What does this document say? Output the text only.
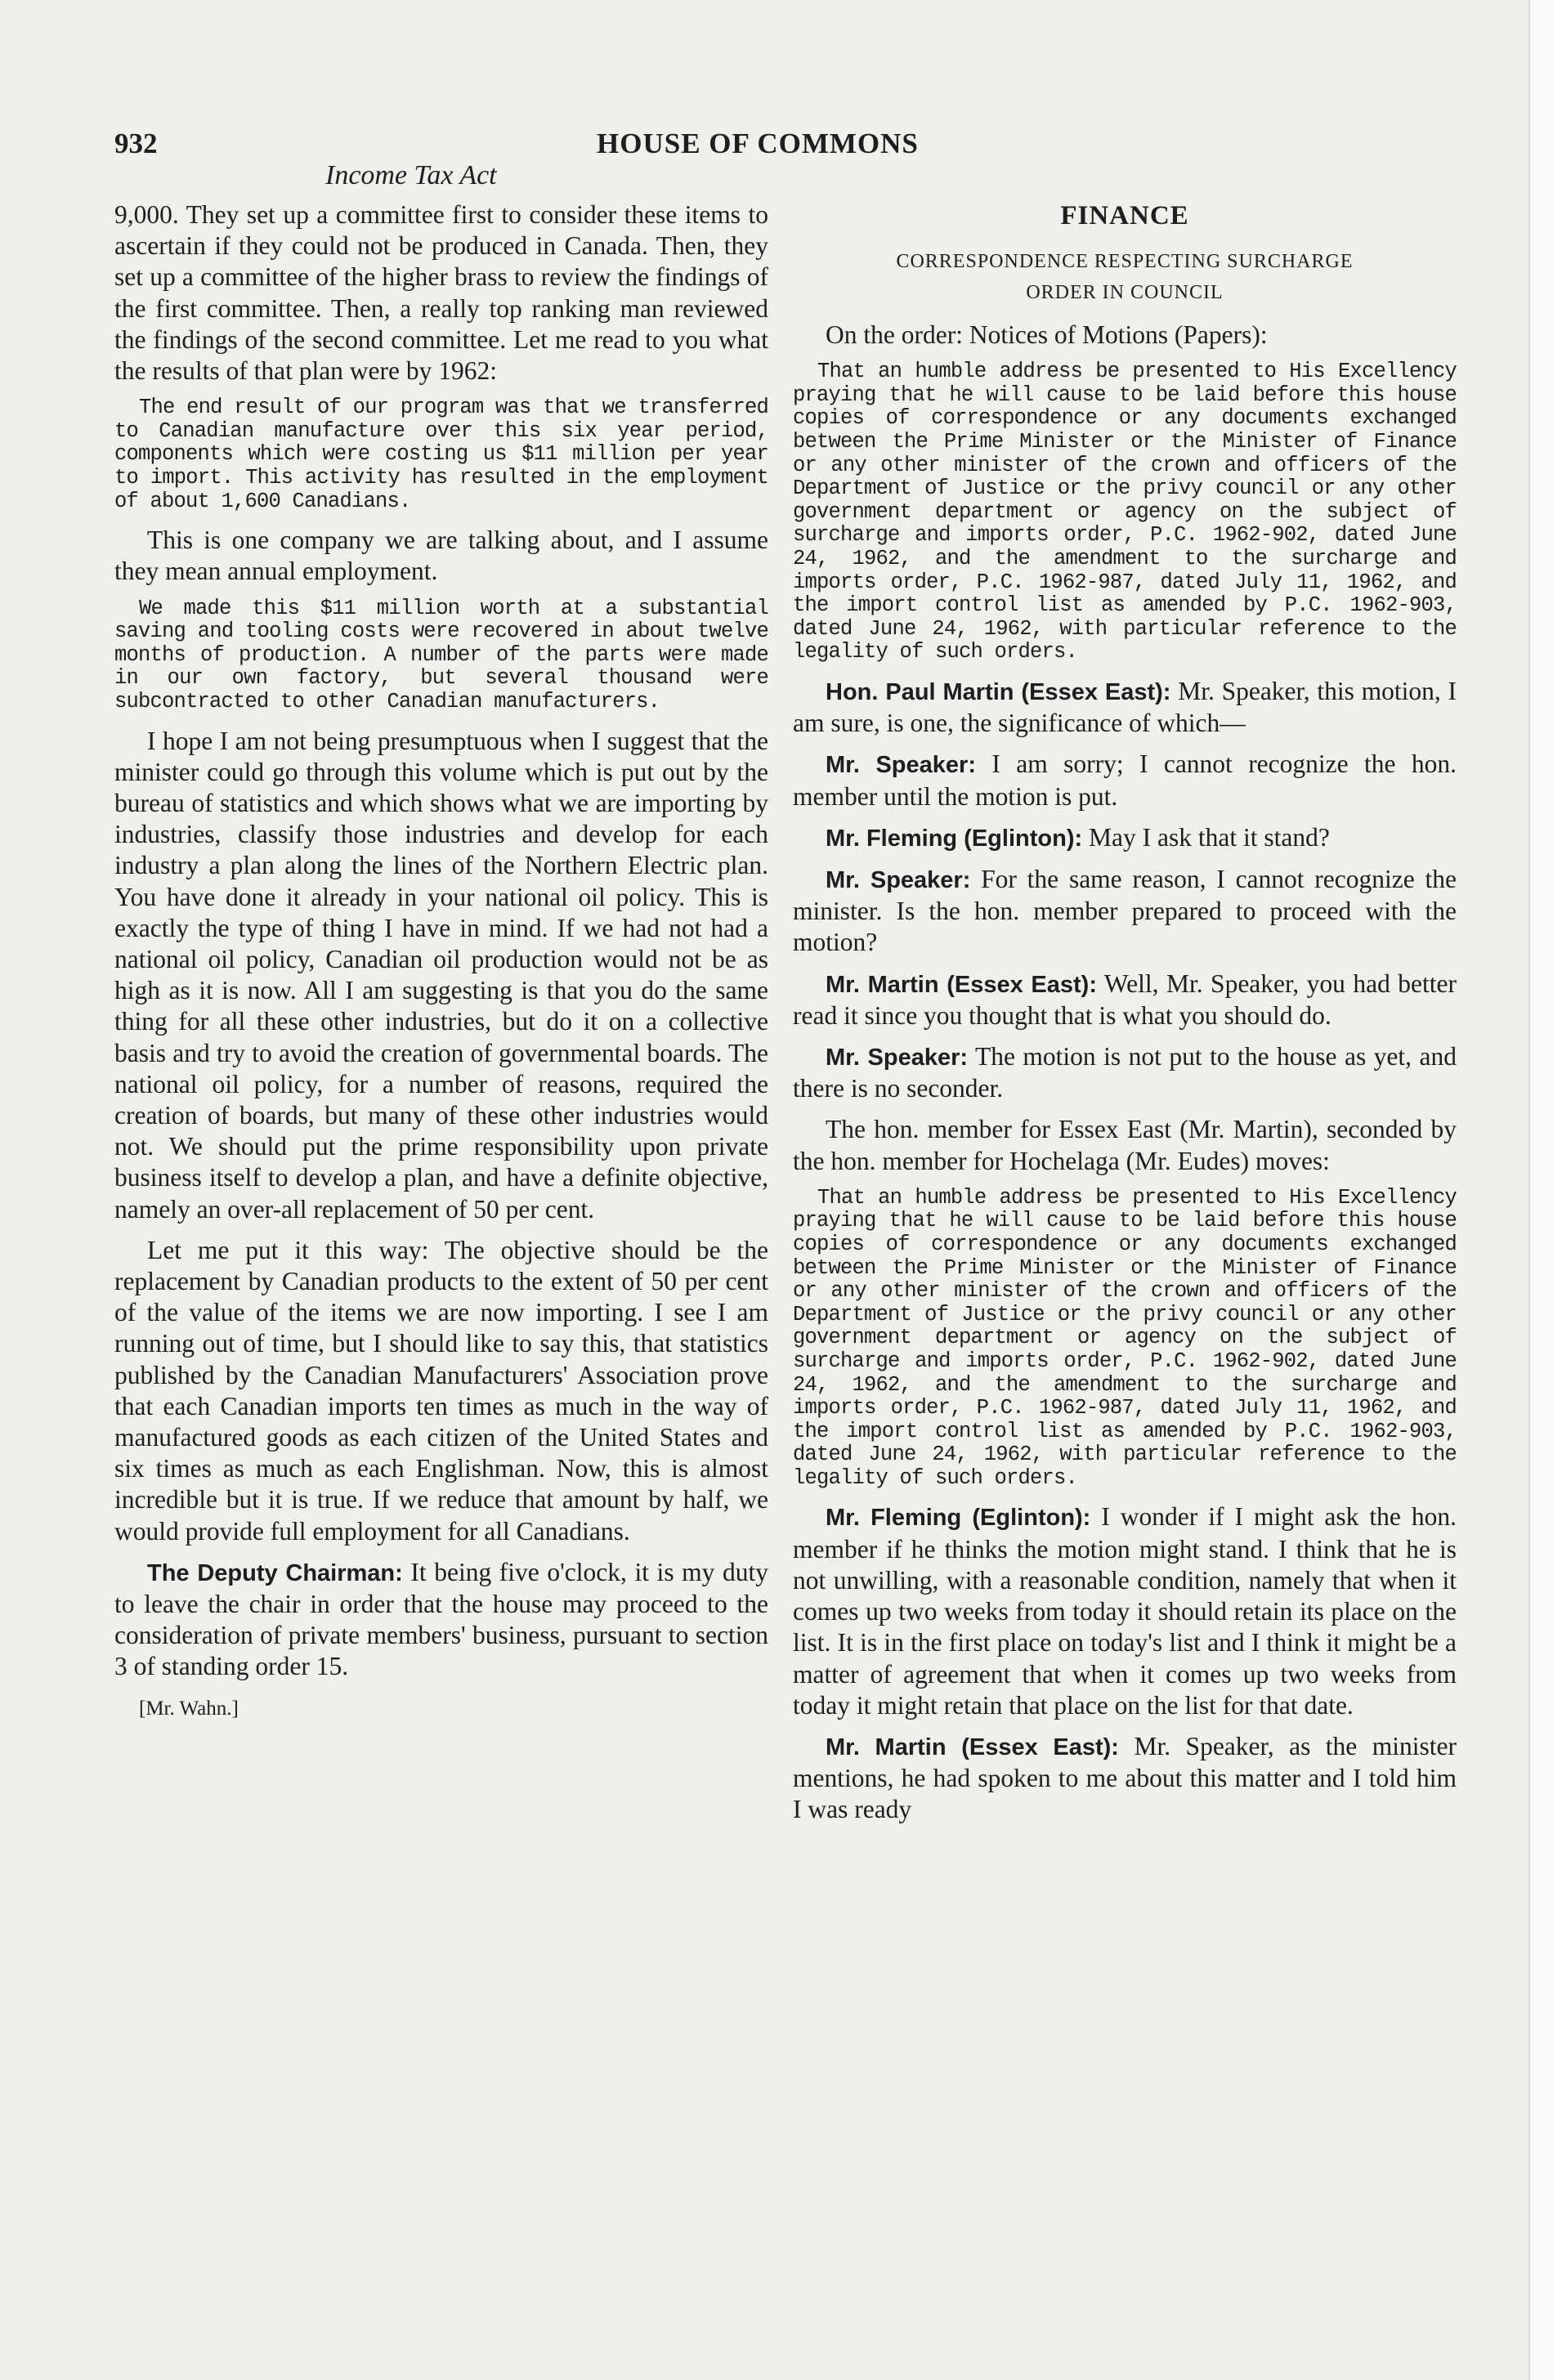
932	HOUSE OF COMMONS
Income Tax Act

9,000. They set up a committee first to consider these items to ascertain if they could not be produced in Canada. Then, they set up a committee of the higher brass to review the findings of the first committee. Then, a really top ranking man reviewed the findings of the second committee. Let me read to you what the results of that plan were by 1962:

The end result of our program was that we transferred to Canadian manufacture over this six year period, components which were costing us $11 million per year to import. This activity has resulted in the employment of about 1,600 Canadians.

This is one company we are talking about, and I assume they mean annual employment.

We made this $11 million worth at a substantial saving and tooling costs were recovered in about twelve months of production. A number of the parts were made in our own factory, but several thousand were subcontracted to other Canadian manufacturers.

I hope I am not being presumptuous when I suggest that the minister could go through this volume which is put out by the bureau of statistics and which shows what we are importing by industries, classify those industries and develop for each industry a plan along the lines of the Northern Electric plan. You have done it already in your national oil policy. This is exactly the type of thing I have in mind. If we had not had a national oil policy, Canadian oil production would not be as high as it is now. All I am suggesting is that you do the same thing for all these other industries, but do it on a collective basis and try to avoid the creation of governmental boards. The national oil policy, for a number of reasons, required the creation of boards, but many of these other industries would not. We should put the prime responsibility upon private business itself to develop a plan, and have a definite objective, namely an over-all replacement of 50 per cent.

Let me put it this way: The objective should be the replacement by Canadian products to the extent of 50 per cent of the value of the items we are now importing. I see I am running out of time, but I should like to say this, that statistics published by the Canadian Manufacturers' Association prove that each Canadian imports ten times as much in the way of manufactured goods as each citizen of the United States and six times as much as each Englishman. Now, this is almost incredible but it is true. If we reduce that amount by half, we would provide full employment for all Canadians.

The Deputy Chairman: It being five o'clock, it is my duty to leave the chair in order that the house may proceed to the consideration of private members' business, pursuant to section 3 of standing order 15.

[Mr. Wahn.]
FINANCE
CORRESPONDENCE RESPECTING SURCHARGE
ORDER IN COUNCIL

On the order: Notices of Motions (Papers):

That an humble address be presented to His Excellency praying that he will cause to be laid before this house copies of correspondence or any documents exchanged between the Prime Minister or the Minister of Finance or any other minister of the crown and officers of the Department of Justice or the privy council or any other government department or agency on the subject of surcharge and imports order, P.C. 1962-902, dated June 24, 1962, and the amendment to the surcharge and imports order, P.C. 1962-987, dated July 11, 1962, and the import control list as amended by P.C. 1962-903, dated June 24, 1962, with particular reference to the legality of such orders.

Hon. Paul Martin (Essex East): Mr. Speaker, this motion, I am sure, is one, the significance of which—

Mr. Speaker: I am sorry; I cannot recognize the hon. member until the motion is put.

Mr. Fleming (Eglinton): May I ask that it stand?

Mr. Speaker: For the same reason, I cannot recognize the minister. Is the hon. member prepared to proceed with the motion?

Mr. Martin (Essex East): Well, Mr. Speaker, you had better read it since you thought that is what you should do.

Mr. Speaker: The motion is not put to the house as yet, and there is no seconder.

The hon. member for Essex East (Mr. Martin), seconded by the hon. member for Hochelaga (Mr. Eudes) moves:

That an humble address be presented to His Excellency praying that he will cause to be laid before this house copies of correspondence or any documents exchanged between the Prime Minister or the Minister of Finance or any other minister of the crown and officers of the Department of Justice or the privy council or any other government department or agency on the subject of surcharge and imports order, P.C. 1962-902, dated June 24, 1962, and the amendment to the surcharge and imports order, P.C. 1962-987, dated July 11, 1962, and the import control list as amended by P.C. 1962-903, dated June 24, 1962, with particular reference to the legality of such orders.

Mr. Fleming (Eglinton): I wonder if I might ask the hon. member if he thinks the motion might stand. I think that he is not unwilling, with a reasonable condition, namely that when it comes up two weeks from today it should retain its place on the list. It is in the first place on today's list and I think it might be a matter of agreement that when it comes up two weeks from today it might retain that place on the list for that date.

Mr. Martin (Essex East): Mr. Speaker, as the minister mentions, he had spoken to me about this matter and I told him I was ready
